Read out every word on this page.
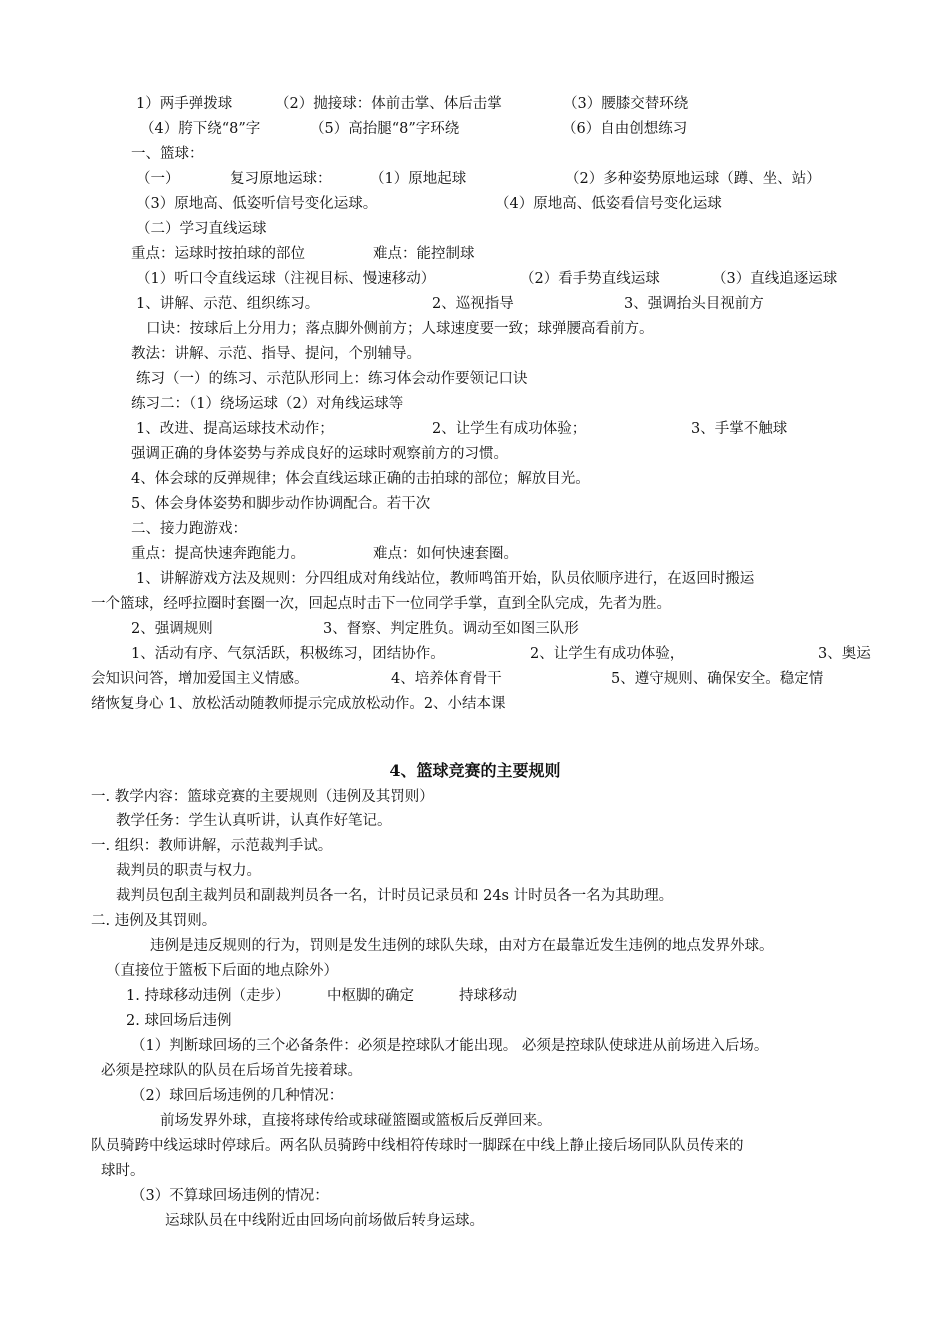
1）两手弹拨球	（2）抛接球：体前击掌、体后击掌	（3）腰膝交替环绕
（4）胯下绕“8”字	（5）高抬腿“8”字环绕	（6）自由创想练习
一、篮球：
（一）	复习原地运球：	（1）原地起球	（2）多种姿势原地运球（蹲、坐、站）
（3）原地高、低姿听信号变化运球。	（4）原地高、低姿看信号变化运球
（二）学习直线运球
重点：运球时按拍球的部位	难点：能控制球
（1）听口令直线运球（注视目标、慢速移动）	（2）看手势直线运球	（3）直线追逐运球
1、讲解、示范、组织练习。	2、巡视指导	3、强调抬头目视前方
口诀：按球后上分用力；落点脚外侧前方；人球速度要一致；球弹腰高看前方。
教法：讲解、示范、指导、提问，个别辅导。
练习（一）的练习、示范队形同上：练习体会动作要领记口诀
练习二：（1）绕场运球（2）对角线运球等
1、改进、提高运球技术动作；	2、让学生有成功体验；	3、手掌不触球
强调正确的身体姿势与养成良好的运球时观察前方的习惯。
4、体会球的反弹规律；体会直线运球正确的击拍球的部位；解放目光。
5、体会身体姿势和脚步动作协调配合。若干次
二、接力跑游戏：
重点：提高快速奔跑能力。	难点：如何快速套圈。
1、讲解游戏方法及规则：分四组成对角线站位，教师鸣笛开始，队员依顺序进行，在返回时搬运
一个篮球，经呼拉圈时套圈一次，回起点时击下一位同学手掌，直到全队完成，先者为胜。
2、强调规则	3、督察、判定胜负。调动至如图三队形
1、活动有序、气氛活跃，积极练习，团结协作。	2、让学生有成功体验，	3、奥运
会知识问答，增加爱国主义情感。	4、培养体育骨干	5、遵守规则、确保安全。稳定情
绪恢复身心 1、放松活动随教师提示完成放松动作。2、小结本课
4、篮球竞赛的主要规则
一. 教学内容：篮球竞赛的主要规则（违例及其罚则）
教学任务：学生认真听讲，认真作好笔记。
一. 组织：教师讲解，示范裁判手试。
裁判员的职责与权力。
裁判员包刮主裁判员和副裁判员各一名，计时员记录员和 24s 计时员各一名为其助理。
二. 违例及其罚则。
违例是违反规则的行为，罚则是发生违例的球队失球，由对方在最靠近发生违例的地点发界外球。
（直接位于篮板下后面的地点除外）
1. 持球移动违例（走步）	中枢脚的确定	持球移动
2. 球回场后违例
（1）判断球回场的三个必备条件：必须是控球队才能出现。 必须是控球队使球进从前场进入后场。
必须是控球队的队员在后场首先接着球。
（2）球回后场违例的几种情况：
前场发界外球，直接将球传给或球碰篮圈或篮板后反弹回来。
队员骑跨中线运球时停球后。两名队员骑跨中线相符传球时一脚踩在中线上静止接后场同队队员传来的
球时。
（3）不算球回场违例的情况：
运球队员在中线附近由回场向前场做后转身运球。
